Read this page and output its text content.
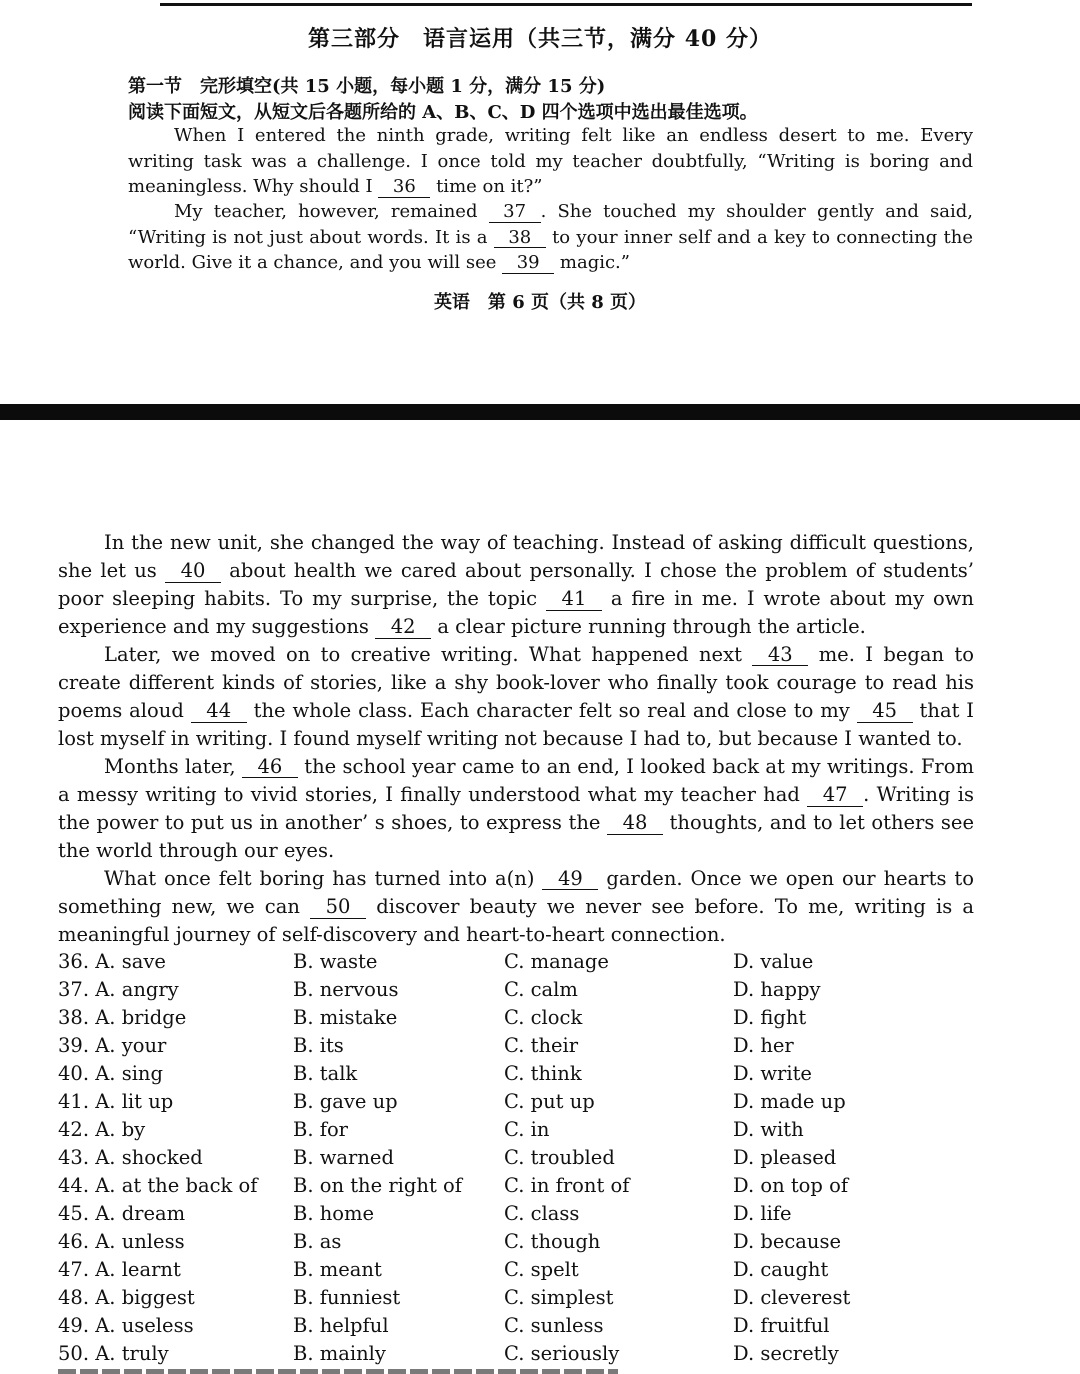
第三部分　语言运用（共三节，满分 40 分）
第一节　完形填空(共 15 小题，每小题 1 分，满分 15 分)
阅读下面短文，从短文后各题所给的 A、B、C、D 四个选项中选出最佳选项。
When I entered the ninth grade, writing felt like an endless desert to me. Every writing task was a challenge. I once told my teacher doubtfully, “Writing is boring and meaningless. Why should I 36 time on it?”
My teacher, however, remained 37 . She touched my shoulder gently and said, “Writing is not just about words. It is a 38 to your inner self and a key to connecting the world. Give it a chance, and you will see 39 magic.”
英语　第 6 页（共 8 页）
In the new unit, she changed the way of teaching. Instead of asking difficult questions, she let us 40 about health we cared about personally. I chose the problem of students’ poor sleeping habits. To my surprise, the topic 41 a fire in me. I wrote about my own experience and my suggestions 42 a clear picture running through the article.
Later, we moved on to creative writing. What happened next 43 me. I began to create different kinds of stories, like a shy book-lover who finally took courage to read his poems aloud 44 the whole class. Each character felt so real and close to my 45 that I lost myself in writing. I found myself writing not because I had to, but because I wanted to.
Months later, 46 the school year came to an end, I looked back at my writings. From a messy writing to vivid stories, I finally understood what my teacher had 47 . Writing is the power to put us in another’ s shoes, to express the 48 thoughts, and to let others see the world through our eyes.
What once felt boring has turned into a(n) 49 garden. Once we open our hearts to something new, we can 50 discover beauty we never see before. To me, writing is a meaningful journey of self-discovery and heart-to-heart connection.
36. A. save	B. waste	C. manage	D. value
37. A. angry	B. nervous	C. calm	D. happy
38. A. bridge	B. mistake	C. clock	D. fight
39. A. your	B. its	C. their	D. her
40. A. sing	B. talk	C. think	D. write
41. A. lit up	B. gave up	C. put up	D. made up
42. A. by	B. for	C. in	D. with
43. A. shocked	B. warned	C. troubled	D. pleased
44. A. at the back of	B. on the right of	C. in front of	D. on top of
45. A. dream	B. home	C. class	D. life
46. A. unless	B. as	C. though	D. because
47. A. learnt	B. meant	C. spelt	D. caught
48. A. biggest	B. funniest	C. simplest	D. cleverest
49. A. useless	B. helpful	C. sunless	D. fruitful
50. A. truly	B. mainly	C. seriously	D. secretly
